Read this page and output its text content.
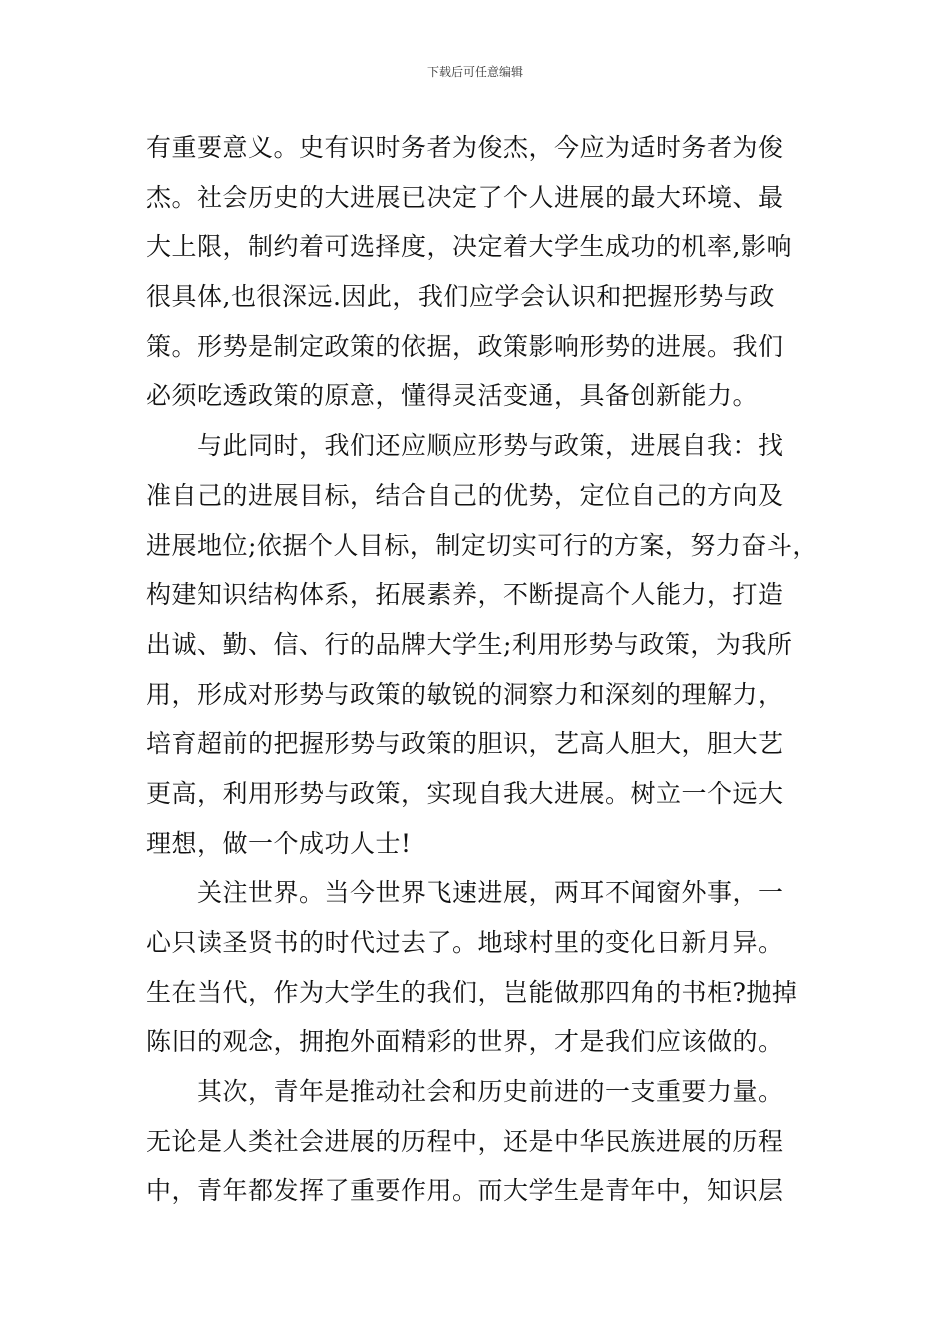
下载后可任意编辑
有重要意义。史有识时务者为俊杰，今应为适时务者为俊
杰。社会历史的大进展已决定了个人进展的最大环境、最
大上限，制约着可选择度，决定着大学生成功的机率,影响
很具体,也很深远.因此，我们应学会认识和把握形势与政
策。形势是制定政策的依据，政策影响形势的进展。我们
必须吃透政策的原意，懂得灵活变通，具备创新能力。
与此同时，我们还应顺应形势与政策，进展自我：找
准自己的进展目标，结合自己的优势，定位自己的方向及
进展地位;依据个人目标，制定切实可行的方案，努力奋斗，
构建知识结构体系，拓展素养，不断提高个人能力，打造
出诚、勤、信、行的品牌大学生;利用形势与政策，为我所
用，形成对形势与政策的敏锐的洞察力和深刻的理解力，
培育超前的把握形势与政策的胆识，艺高人胆大，胆大艺
更高，利用形势与政策，实现自我大进展。树立一个远大
理想，做一个成功人士!
关注世界。当今世界飞速进展，两耳不闻窗外事，一
心只读圣贤书的时代过去了。地球村里的变化日新月异。
生在当代，作为大学生的我们，岂能做那四角的书柜?抛掉
陈旧的观念，拥抱外面精彩的世界，才是我们应该做的。
其次，青年是推动社会和历史前进的一支重要力量。
无论是人类社会进展的历程中，还是中华民族进展的历程
中，青年都发挥了重要作用。而大学生是青年中，知识层
